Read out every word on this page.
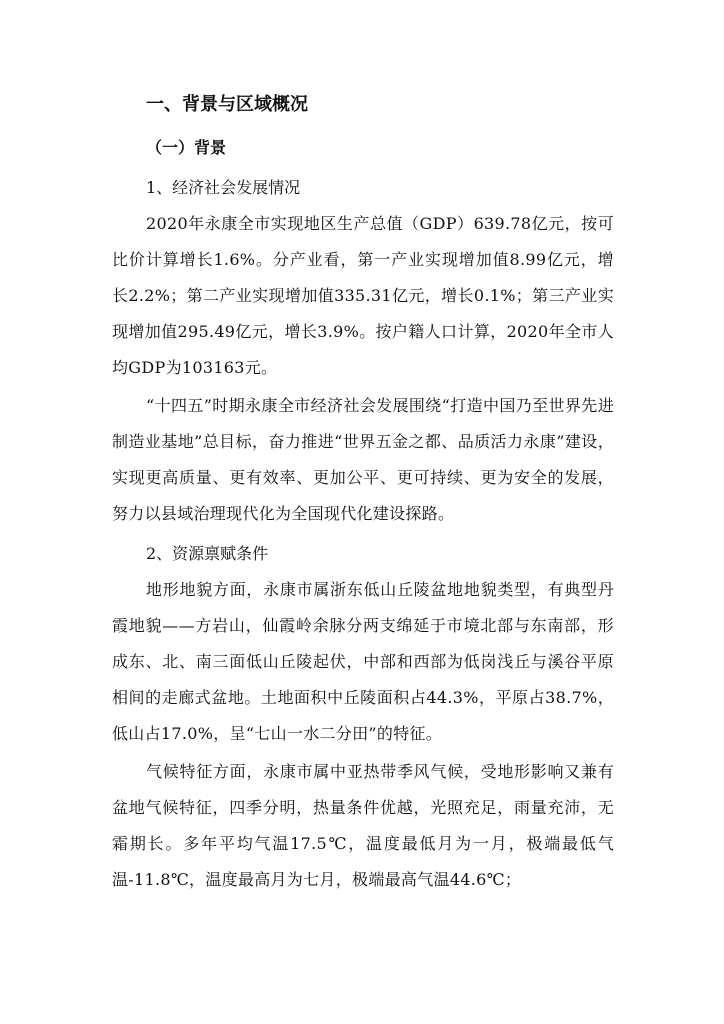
一、背景与区域概况
（一）背景
1、经济社会发展情况

2020年永康全市实现地区生产总值（GDP）639.78亿元，按可比价计算增长1.6%。分产业看，第一产业实现增加值8.99亿元，增长2.2%；第二产业实现增加值335.31亿元，增长0.1%；第三产业实现增加值295.49亿元，增长3.9%。按户籍人口计算，2020年全市人均GDP为103163元。

“十四五”时期永康全市经济社会发展围绕“打造中国乃至世界先进制造业基地”总目标，奋力推进“世界五金之都、品质活力永康”建设，实现更高质量、更有效率、更加公平、更可持续、更为安全的发展，努力以县域治理现代化为全国现代化建设探路。

2、资源禀赋条件

地形地貌方面，永康市属浙东低山丘陵盆地地貌类型，有典型丹霞地貌——方岩山，仙霞岭余脉分两支绵延于市境北部与东南部，形成东、北、南三面低山丘陵起伏，中部和西部为低岗浅丘与溪谷平原相间的走廊式盆地。土地面积中丘陵面积占44.3%，平原占38.7%，低山占17.0%，呈“七山一水二分田”的特征。

气候特征方面，永康市属中亚热带季风气候，受地形影响又兼有盆地气候特征，四季分明，热量条件优越，光照充足，雨量充沛，无霜期长。多年平均气温17.5℃，温度最低月为一月，极端最低气温-11.8℃，温度最高月为七月，极端最高气温44.6℃；
